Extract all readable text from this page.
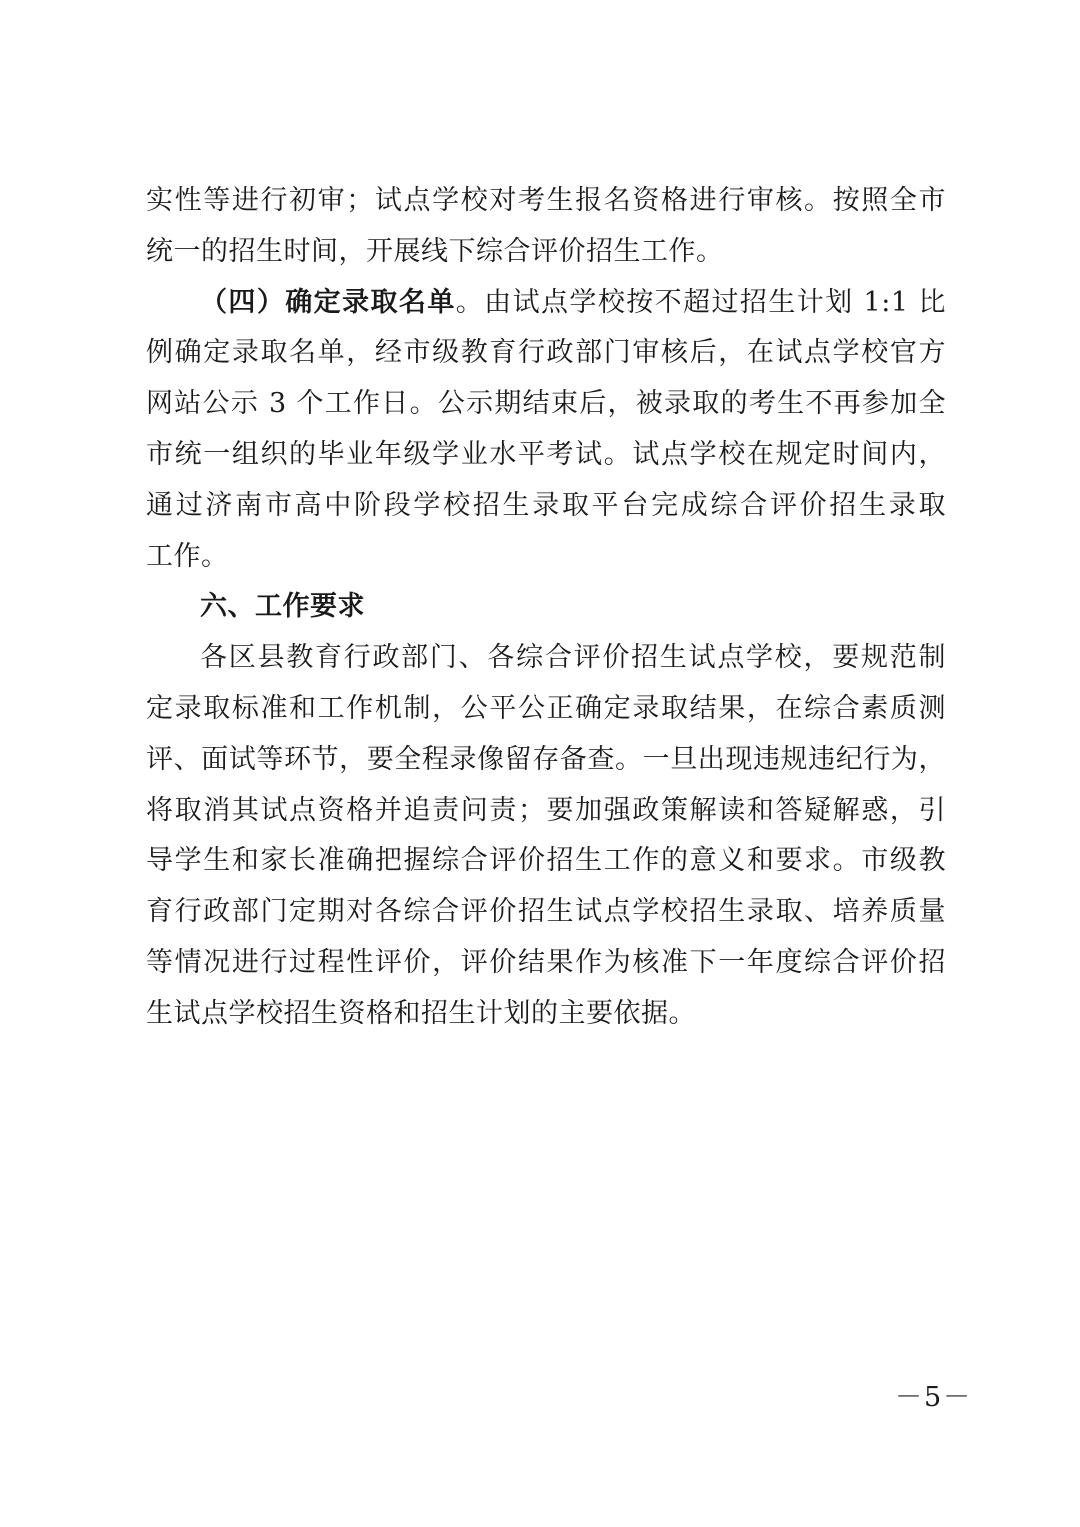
实性等进行初审；试点学校对考生报名资格进行审核。按照全市
统一的招生时间，开展线下综合评价招生工作。
（四）确定录取名单。由试点学校按不超过招生计划 1:1 比
例确定录取名单，经市级教育行政部门审核后，在试点学校官方
网站公示 3 个工作日。公示期结束后，被录取的考生不再参加全
市统一组织的毕业年级学业水平考试。试点学校在规定时间内，
通过济南市高中阶段学校招生录取平台完成综合评价招生录取
工作。
六、工作要求
各区县教育行政部门、各综合评价招生试点学校，要规范制
定录取标准和工作机制，公平公正确定录取结果，在综合素质测
评、面试等环节，要全程录像留存备查。一旦出现违规违纪行为，
将取消其试点资格并追责问责；要加强政策解读和答疑解惑，引
导学生和家长准确把握综合评价招生工作的意义和要求。市级教
育行政部门定期对各综合评价招生试点学校招生录取、培养质量
等情况进行过程性评价，评价结果作为核准下一年度综合评价招
生试点学校招生资格和招生计划的主要依据。
－5－
